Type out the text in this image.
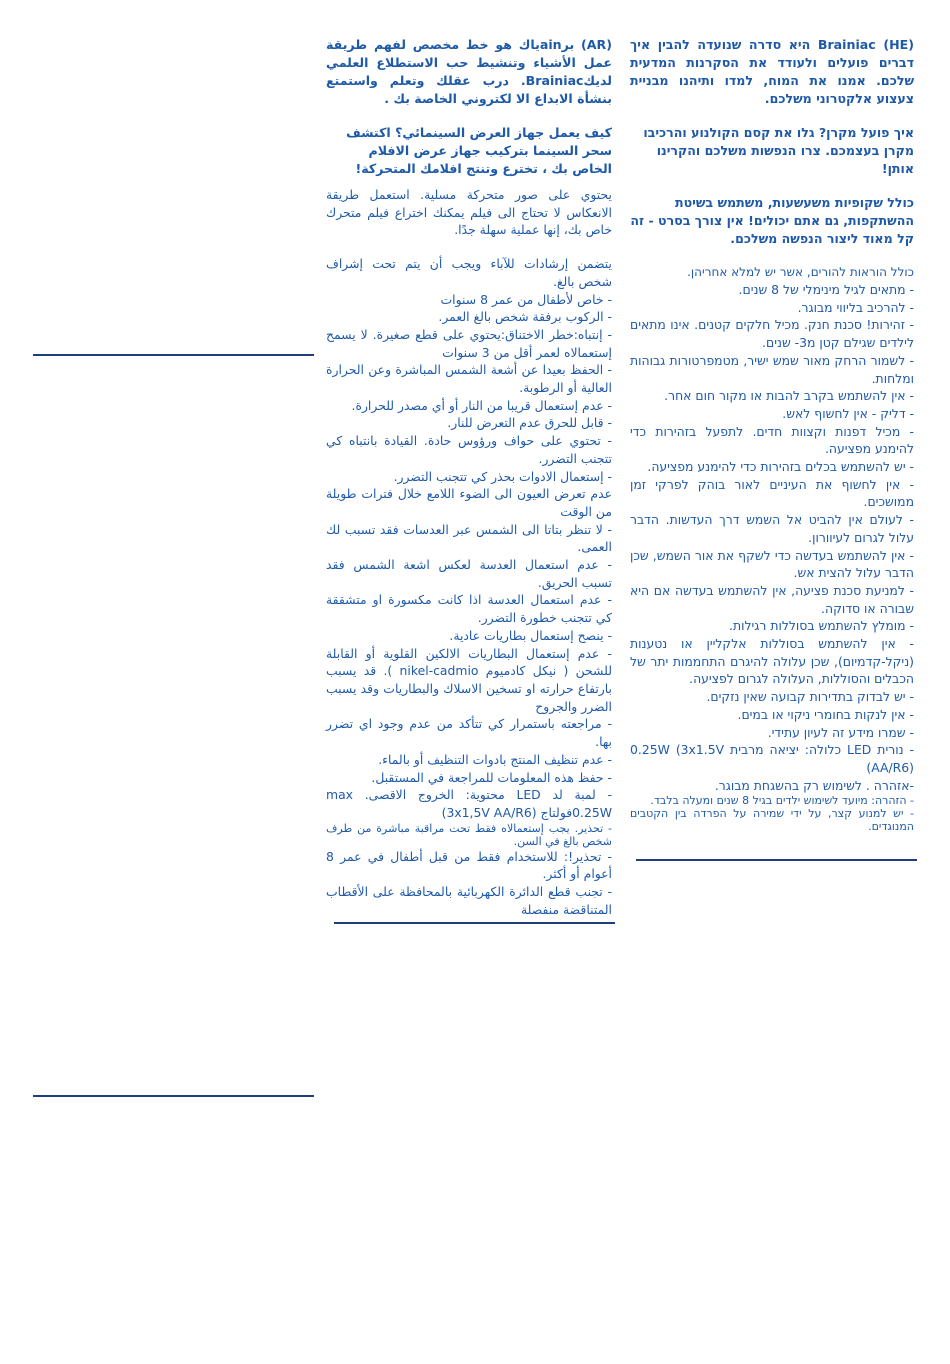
(HE) Brainiac היא סדרה שנועדה להבין איך דברים פועלים ולעודד את הסקרנות המדעית שלכם. אמנו את המוח, למדו ותיהנו מבניית צעצוע אלקטרוני משלכם.

איך פועל מקרן? גלו את קסם הקולנוע והרכיבו מקרן בעצמכם. צרו הנפשות משלכם והקרינו אותן!

כולל שקופיות משעשעות, משתמש בשיטת ההשתקפות, גם אתם יכולים! אין צורך בסרט - זה קל מאוד ליצור הנפשה משלכם.

כולל הוראות להורים, אשר יש למלא אחריהן.

- מתאים לגיל מינימלי של 8 שנים.
- להרכיב בליווי מבוגר.
- זהירות! סכנת חנק. מכיל חלקים קטנים. אינו מתאים לילדים שגילם קטן מ3- שנים.
- לשמור הרחק מאור שמש ישיר, מטמפרטורות גבוהות ומלחות.
- אין להשתמש בקרב להבות או מקור חום אחר.
- דליק - אין לחשוף לאש.
- מכיל דפנות וקצוות חדים. לתפעל בזהירות כדי להימנע מפציעה.
- יש להשתמש בכלים בזהירות כדי להימנע מפציעה.
- אין לחשוף את העיניים לאור בוהק לפרקי זמן ממושכים.
- לעולם אין להביט אל השמש דרך העדשות. הדבר עלול לגרום לעיוורון.
- אין להשתמש בעדשה כדי לשקף את אור השמש, שכן הדבר עלול להצית אש.
- למניעת סכנת פציעה, אין להשתמש בעדשה אם היא שבורה או סדוקה.
- מומלץ להשתמש בסוללות רגילות.
- אין להשתמש בסוללות אלקליין או נטענות (ניקל-קדמיום), שכן עלולה להיגרם התחממות יתר של הכבלים והסוללות, העלולה לגרום לפציעה.
- יש לבדוק בתדירות קבועה שאין נזקים.
- אין לנקות בחומרי ניקוי או במים.
- שמרו מידע זה לעיון עתידי.
- נורית LED כלולה: יציאה מרבית 0.25W (3x1.5V AA/R6))
-אזהרה . לשימוש רק בהשגחת מבוגר.
- הזהרה: מיועד לשימוש ילדים בגיל 8 שנים ומעלה בלבד.
- יש למנוע קצר, על ידי שמירה על הפרדה בין הקטבים המנוגדים.

(AR) برainياك هو خط مخصص لفهم طريقة عمل الأشياء وتنشيط حب الاستطلاع العلمي لديكBrainiac. درب عقلك وتعلم واستمتع بنشأة الابداع الا لكتروني الخاصة بك .

كيف يعمل جهاز العرض السينمائي؟ اكتشف سحر السينما بتركيب جهاز عرض الافلام الخاص بك ، تخترع وتنتج افلامك المتحركة!

يحتوي على صور متحركة مسلية. استعمل طريقة الانعكاس لا تحتاج الى فيلم يمكنك اختراع فيلم متحرك خاص بك، إنها عملية سهلة جدًا.

يتضمن إرشادات للآباء ويجب أن يتم تحت إشراف شخص بالغ.

- خاص لأطفال من عمر 8 سنوات
- الركوب برفقة شخص بالغ العمر.
- إنتباه:خطر الاختناق:يحتوي على قطع صغيرة. لا يسمح إستعمالاه لعمر أقل من 3 سنوات
- الحفظ بعيدا عن أشعة الشمس المباشرة وعن الحرارة العالية أو الرطوبة.
- عدم إستعمال قريبا من النار أو أي مصدر للحرارة.
- قابل للحرق عدم التعرض للنار.
- تحتوي على حواف ورؤوس حادة. القيادة بانتباه كي تتجنب التضرر.
- إستعمال الادوات بحذر كي تتجنب التضرر.
عدم تعرض العيون الى الضوء اللامع خلال فترات طويلة من الوقت
- لا تنظر بتاتا الى الشمس عبر العدسات فقد تسبب لك العمى.
- عدم استعمال العدسة لعكس اشعة الشمس فقد تسبب الحريق.
- عدم استعمال العدسة اذا كانت مكسورة او متشققة كي تتجنب خطورة التضرر.
- ينصح إستعمال بطاريات عادية.
- عدم إستعمال البطاريات الالكين القلوية أو القابلة للشحن ( نيكل كادميوم nikel-cadmio ). قد يسبب بارتفاع حرارته او تسخين الاسلاك والبطاريات وقد يسبب الضرر والجروح
- مراجعته باستمرار كي تتأكد من عدم وجود اي تضرر بها.
- عدم تنظيف المنتج بادوات التنظيف أو بالماء.
- حفظ هذه المعلومات للمراجعة في المستقبل.
- لمبة لد LED محتوية: الخروج الاقصى. max 0.25Wفولتاج (3x1,5V AA/R6)
- تحذير. يجب إستعمالاه فقط تحت مراقبة مباشرة من طرف شخص بالغ في السن.
- تحذير!: للاستخدام فقط من قبل أطفال في عمر 8 أعوام أو أكثر.
- تجنب قطع الدائرة الكهربائية بالمحافظة على الأقطاب المتناقضة منفصلة
